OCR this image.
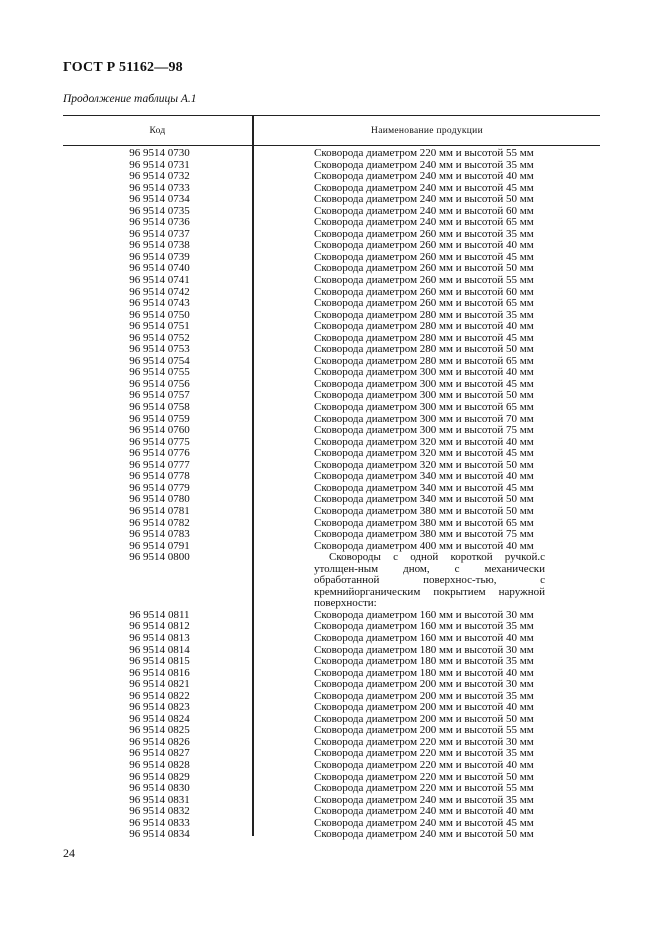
ГОСТ Р 51162—98
Продолжение таблицы А.1
Код	Наименование продукции
96 9514 0730	Сковорода диаметром 220 мм и высотой 55 мм
96 9514 0731	Сковорода диаметром 240 мм и высотой 35 мм
96 9514 0732	Сковорода диаметром 240 мм и высотой 40 мм
96 9514 0733	Сковорода диаметром 240 мм и высотой 45 мм
96 9514 0734	Сковорода диаметром 240 мм и высотой 50 мм
96 9514 0735	Сковорода диаметром 240 мм и высотой 60 мм
96 9514 0736	Сковорода диаметром 240 мм и высотой 65 мм
96 9514 0737	Сковорода диаметром 260 мм и высотой 35 мм
96 9514 0738	Сковорода диаметром 260 мм и высотой 40 мм
96 9514 0739	Сковорода диаметром 260 мм и высотой 45 мм
96 9514 0740	Сковорода диаметром 260 мм и высотой 50 мм
96 9514 0741	Сковорода диаметром 260 мм и высотой 55 мм
96 9514 0742	Сковорода диаметром 260 мм и высотой 60 мм
96 9514 0743	Сковорода диаметром 260 мм и высотой 65 мм
96 9514 0750	Сковорода диаметром 280 мм и высотой 35 мм
96 9514 0751	Сковорода диаметром 280 мм и высотой 40 мм
96 9514 0752	Сковорода диаметром 280 мм и высотой 45 мм
96 9514 0753	Сковорода диаметром 280 мм и высотой 50 мм
96 9514 0754	Сковорода диаметром 280 мм и высотой 65 мм
96 9514 0755	Сковорода диаметром 300 мм и высотой 40 мм
96 9514 0756	Сковорода диаметром 300 мм и высотой 45 мм
96 9514 0757	Сковорода диаметром 300 мм и высотой 50 мм
96 9514 0758	Сковорода диаметром 300 мм и высотой 65 мм
96 9514 0759	Сковорода диаметром 300 мм и высотой 70 мм
96 9514 0760	Сковорода диаметром 300 мм и высотой 75 мм
96 9514 0775	Сковорода диаметром 320 мм и высотой 40 мм
96 9514 0776	Сковорода диаметром 320 мм и высотой 45 мм
96 9514 0777	Сковорода диаметром 320 мм и высотой 50 мм
96 9514 0778	Сковорода диаметром 340 мм и высотой 40 мм
96 9514 0779	Сковорода диаметром 340 мм и высотой 45 мм
96 9514 0780	Сковорода диаметром 340 мм и высотой 50 мм
96 9514 0781	Сковорода диаметром 380 мм и высотой 50 мм
96 9514 0782	Сковорода диаметром 380 мм и высотой 65 мм
96 9514 0783	Сковорода диаметром 380 мм и высотой 75 мм
96 9514 0791	Сковорода диаметром 400 мм и высотой 40 мм
96 9514 0800	Сковороды с одной короткой ручкой.с утолщен-ным дном, с механически обработанной поверхнос-тью, с кремнийорганическим покрытием наружной поверхности:
96 9514 0811	Сковорода диаметром 160 мм и высотой 30 мм
96 9514 0812	Сковорода диаметром 160 мм и высотой 35 мм
96 9514 0813	Сковорода диаметром 160 мм и высотой 40 мм
96 9514 0814	Сковорода диаметром 180 мм и высотой 30 мм
96 9514 0815	Сковорода диаметром 180 мм и высотой 35 мм
96 9514 0816	Сковорода диаметром 180 мм и высотой 40 мм
96 9514 0821	Сковорода диаметром 200 мм и высотой 30 мм
96 9514 0822	Сковорода диаметром 200 мм и высотой 35 мм
96 9514 0823	Сковорода диаметром 200 мм и высотой 40 мм
96 9514 0824	Сковорода диаметром 200 мм и высотой 50 мм
96 9514 0825	Сковорода диаметром 200 мм и высотой 55 мм
96 9514 0826	Сковорода диаметром 220 мм и высотой 30 мм
96 9514 0827	Сковорода диаметром 220 мм и высотой 35 мм
96 9514 0828	Сковорода диаметром 220 мм и высотой 40 мм
96 9514 0829	Сковорода диаметром 220 мм и высотой 50 мм
96 9514 0830	Сковорода диаметром 220 мм и высотой 55 мм
96 9514 0831	Сковорода диаметром 240 мм и высотой 35 мм
96 9514 0832	Сковорода диаметром 240 мм и высотой 40 мм
96 9514 0833	Сковорода диаметром 240 мм и высотой 45 мм
96 9514 0834	Сковорода диаметром 240 мм и высотой 50 мм
24
